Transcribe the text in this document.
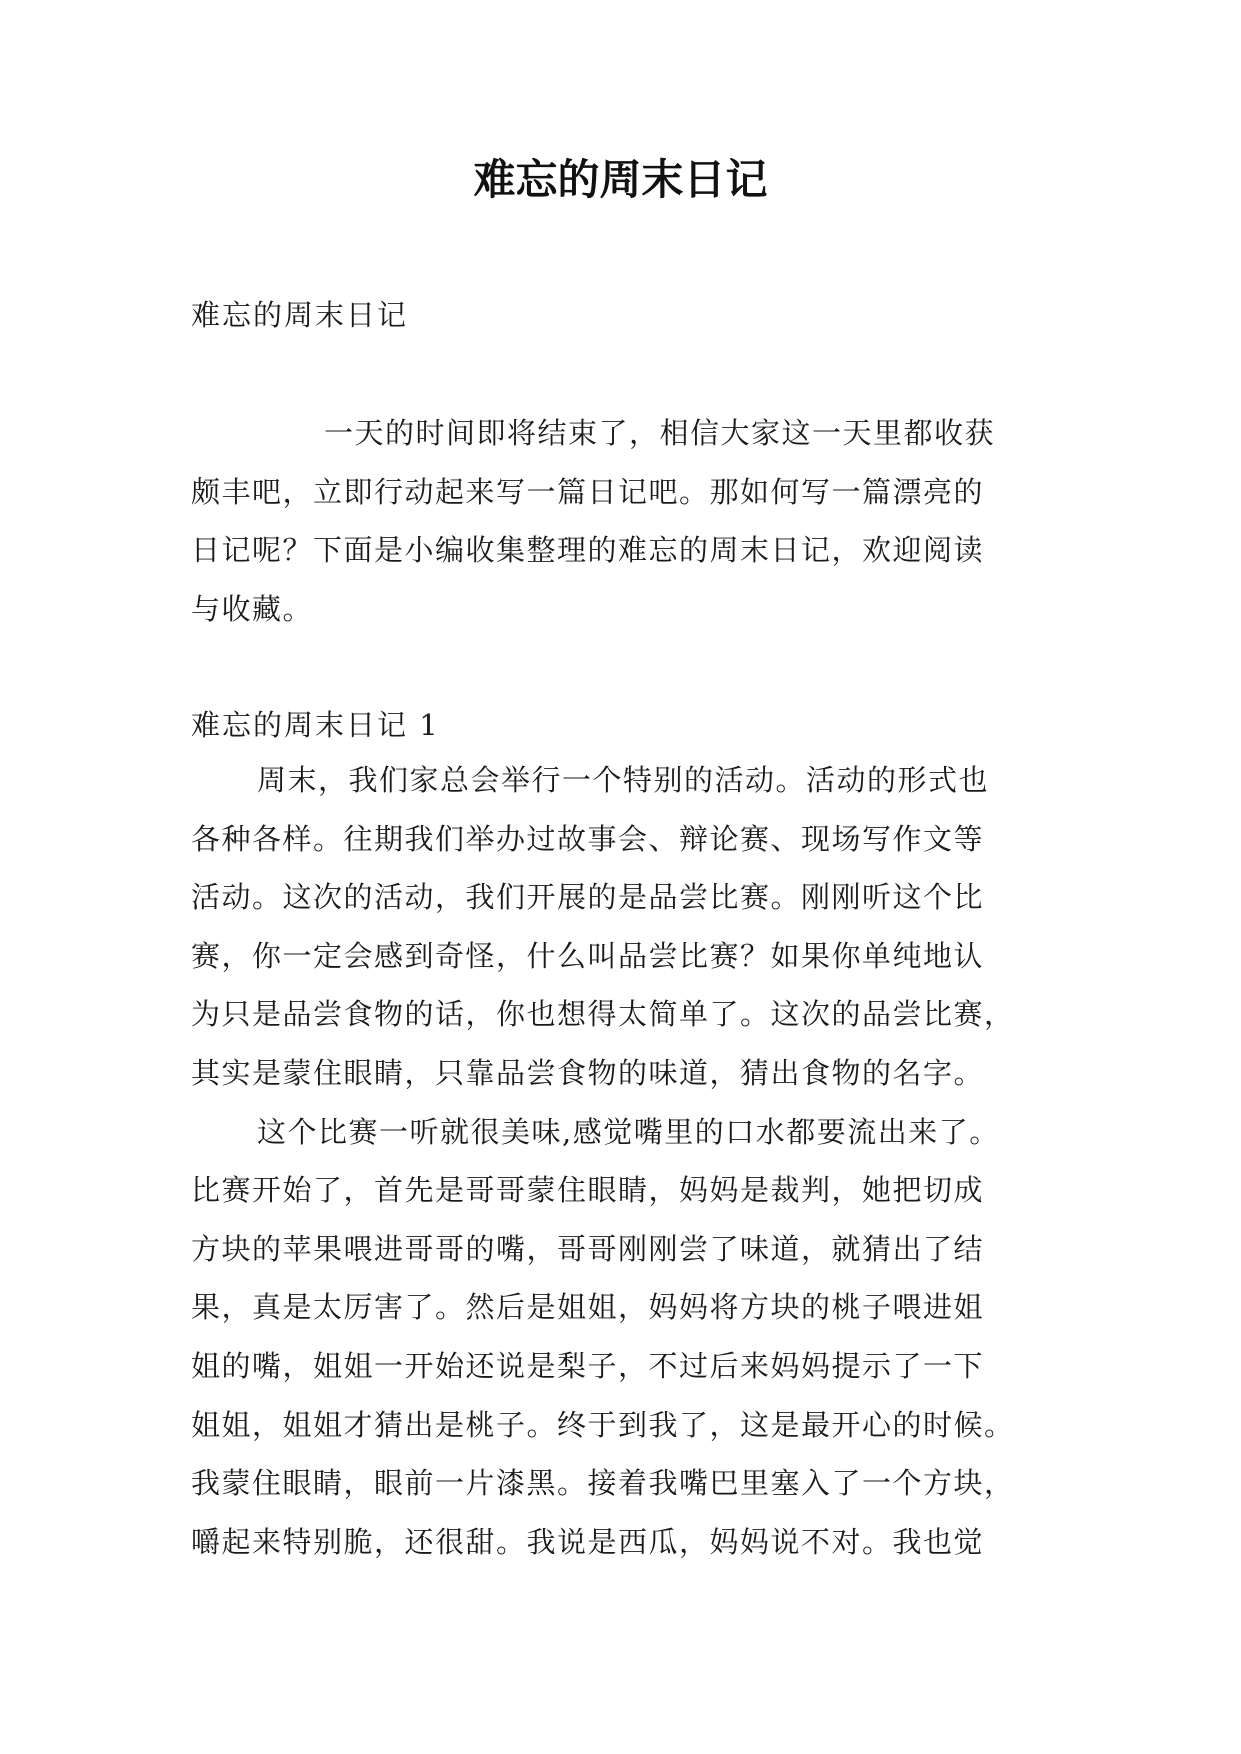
难忘的周末日记

难忘的周末日记

一天的时间即将结束了，相信大家这一天里都收获
颇丰吧，立即行动起来写一篇日记吧。那如何写一篇漂亮的
日记呢？下面是小编收集整理的难忘的周末日记，欢迎阅读
与收藏。

难忘的周末日记 1

周末，我们家总会举行一个特别的活动。活动的形式也
各种各样。往期我们举办过故事会、辩论赛、现场写作文等
活动。这次的活动，我们开展的是品尝比赛。刚刚听这个比
赛，你一定会感到奇怪，什么叫品尝比赛？如果你单纯地认
为只是品尝食物的话，你也想得太简单了。这次的品尝比赛，
其实是蒙住眼睛，只靠品尝食物的味道，猜出食物的名字。
这个比赛一听就很美味,感觉嘴里的口水都要流出来了。
比赛开始了，首先是哥哥蒙住眼睛，妈妈是裁判，她把切成
方块的苹果喂进哥哥的嘴，哥哥刚刚尝了味道，就猜出了结
果，真是太厉害了。然后是姐姐，妈妈将方块的桃子喂进姐
姐的嘴，姐姐一开始还说是梨子，不过后来妈妈提示了一下
姐姐，姐姐才猜出是桃子。终于到我了，这是最开心的时候。
我蒙住眼睛，眼前一片漆黑。接着我嘴巴里塞入了一个方块，
嚼起来特别脆，还很甜。我说是西瓜，妈妈说不对。我也觉
